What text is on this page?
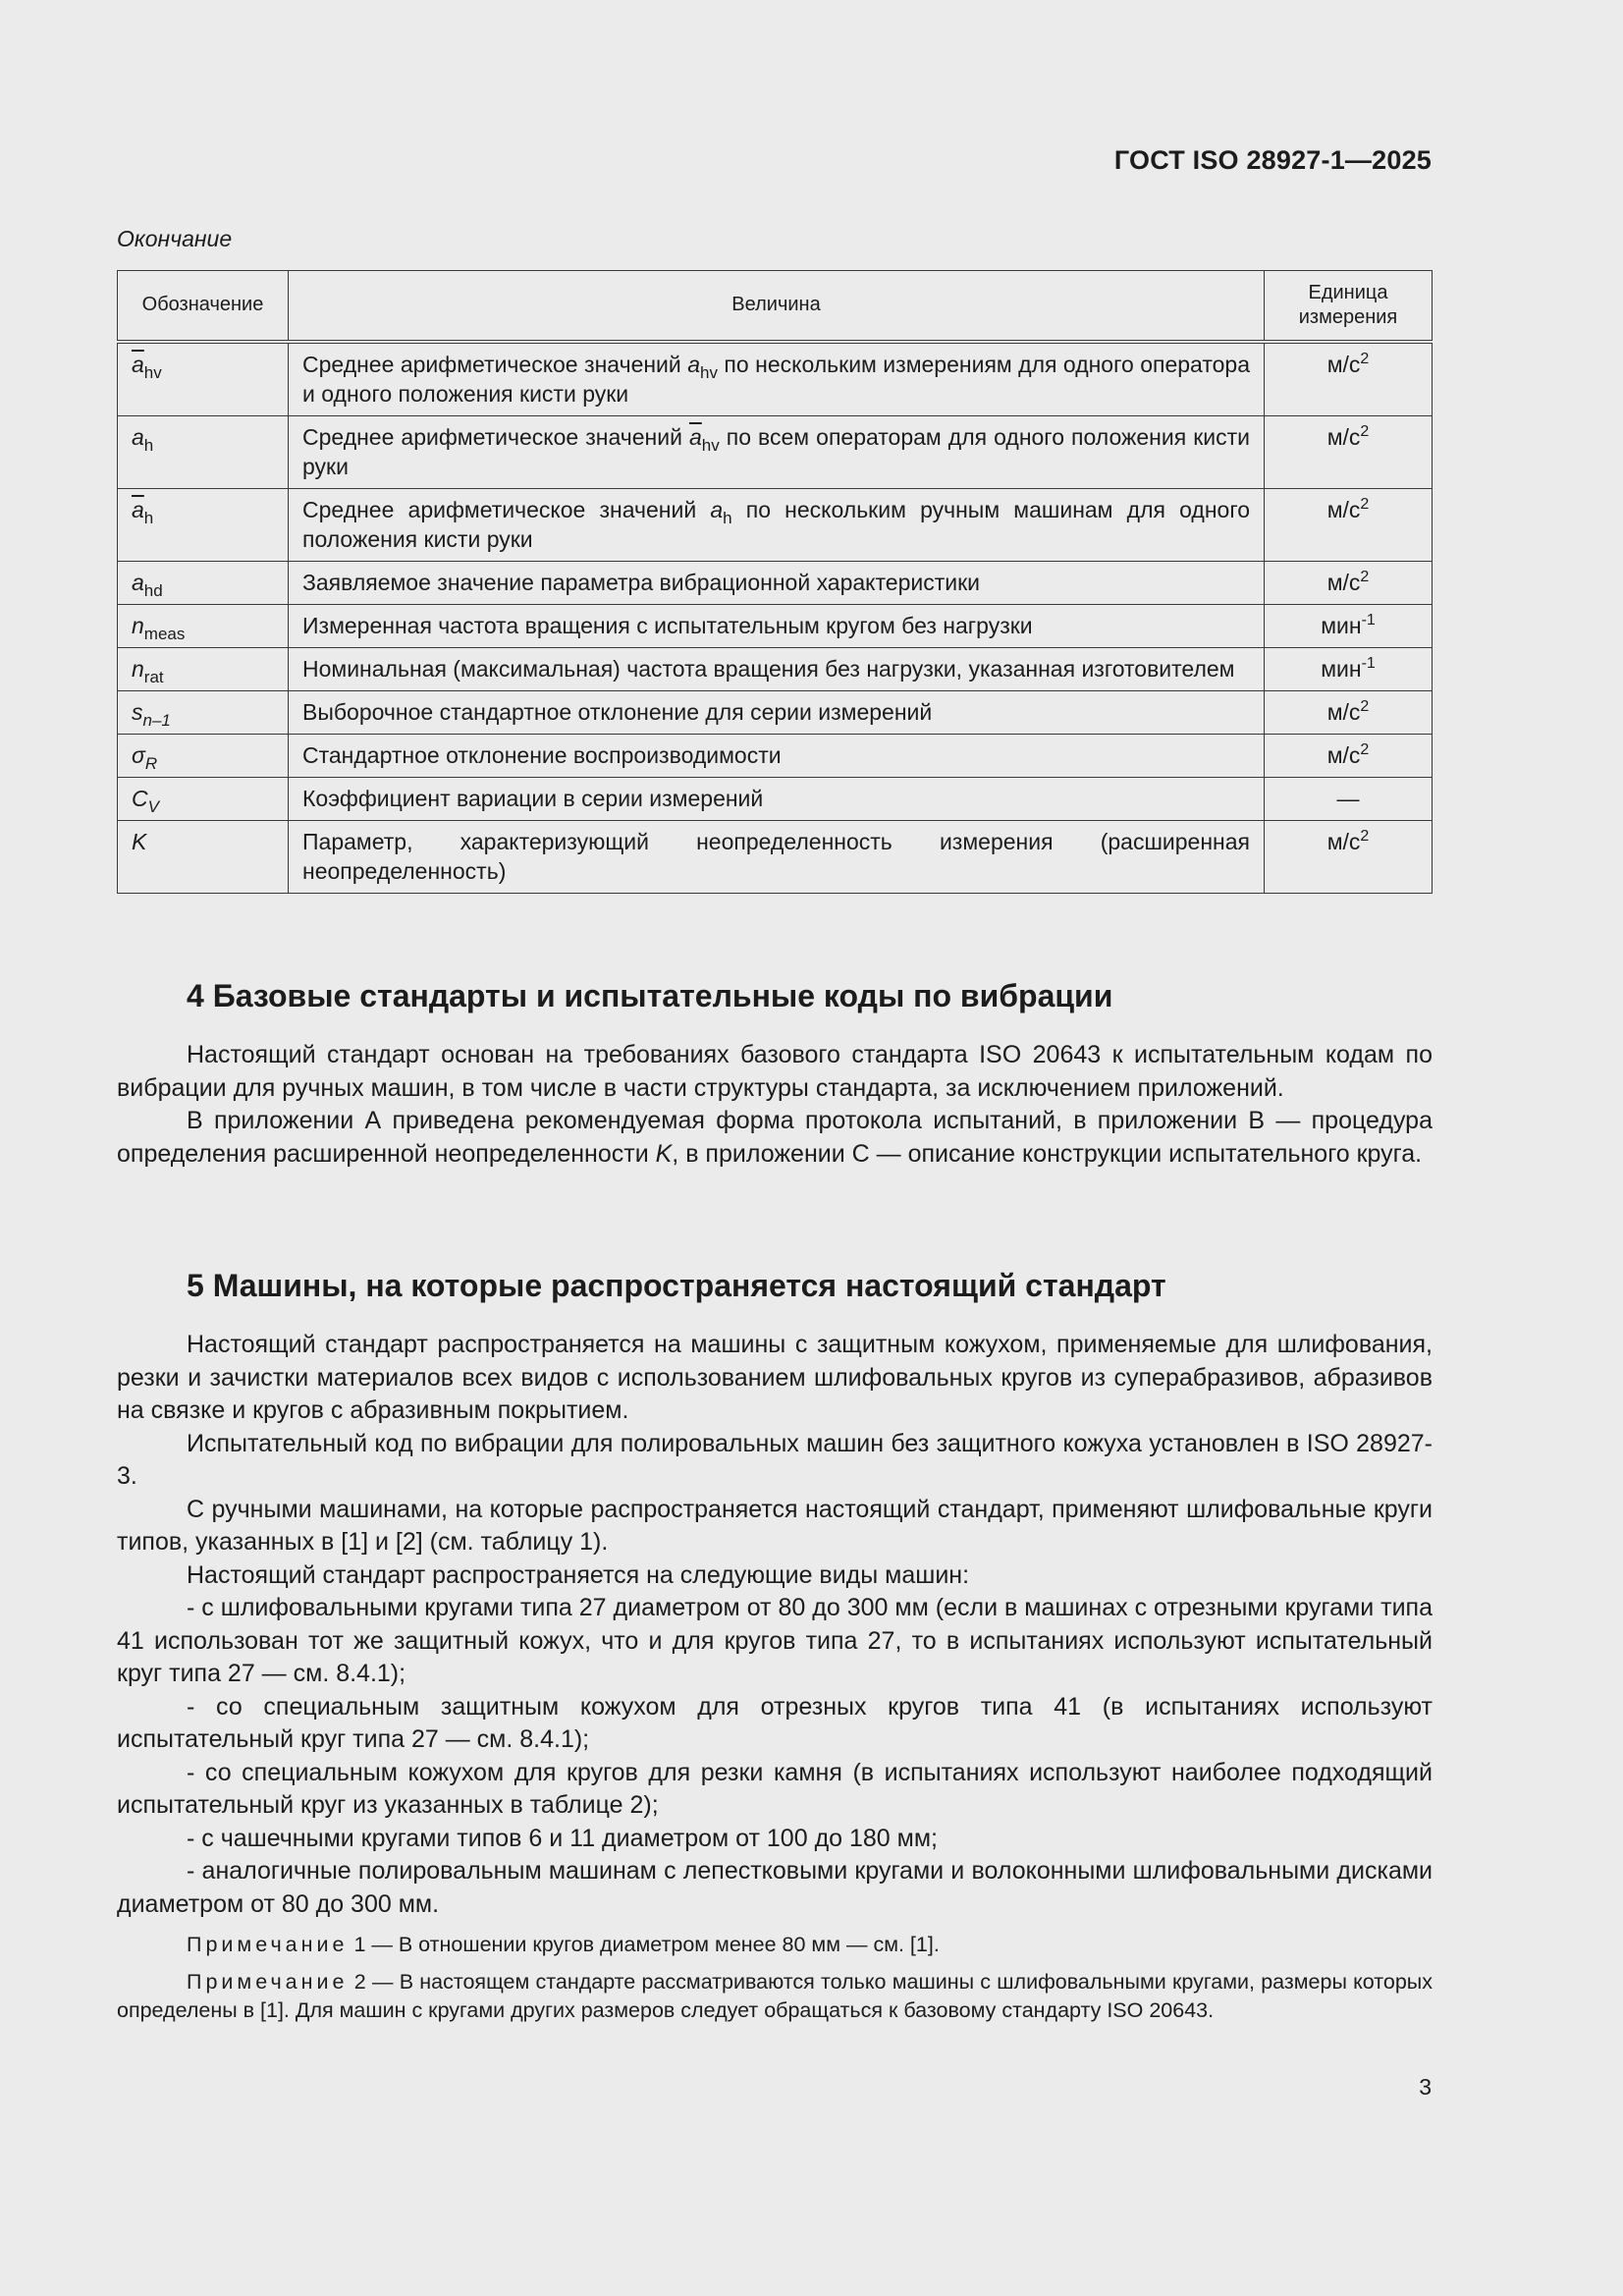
ГОСТ ISO 28927-1—2025
Окончание
Обозначение	Величина	Единица измерения
$\overline{a}_{hv}$	Среднее арифметическое значений $a_{hv}$ по нескольким измерениям для одного оператора и одного положения кисти руки	$м/с^2$
$a_h$	Среднее арифметическое значений $\overline{a}_{hv}$ по всем операторам для одного положения кисти руки	$м/с^2$
$\overline{a}_h$	Среднее арифметическое значений $a_h$ по нескольким ручным машинам для одного положения кисти руки	$м/с^2$
$a_{hd}$	Заявляемое значение параметра вибрационной характеристики	$м/с^2$
$n_{meas}$	Измеренная частота вращения с испытательным кругом без нагрузки	мин$^{-1}$
$n_{rat}$	Номинальная (максимальная) частота вращения без нагрузки, указанная изготовителем	мин$^{-1}$
$s_{n-1}$	Выборочное стандартное отклонение для серии измерений	$м/с^2$
$\sigma_R$	Стандартное отклонение воспроизводимости	$м/с^2$
$C_V$	Коэффициент вариации в серии измерений	—
K	Параметр, характеризующий неопределенность измерения (расширенная неопределенность)	$м/с^2$
4 Базовые стандарты и испытательные коды по вибрации

Настоящий стандарт основан на требованиях базового стандарта ISO 20643 к испытательным кодам по вибрации для ручных машин, в том числе в части структуры стандарта, за исключением приложений.

В приложении А приведена рекомендуемая форма протокола испытаний, в приложении В — процедура определения расширенной неопределенности K, в приложении С — описание конструкции испытательного круга.

5 Машины, на которые распространяется настоящий стандарт

Настоящий стандарт распространяется на машины с защитным кожухом, применяемые для шлифования, резки и зачистки материалов всех видов с использованием шлифовальных кругов из суперабразивов, абразивов на связке и кругов с абразивным покрытием.

Испытательный код по вибрации для полировальных машин без защитного кожуха установлен в ISO 28927-3.

С ручными машинами, на которые распространяется настоящий стандарт, применяют шлифовальные круги типов, указанных в [1] и [2] (см. таблицу 1).

Настоящий стандарт распространяется на следующие виды машин:

- с шлифовальными кругами типа 27 диаметром от 80 до 300 мм (если в машинах с отрезными кругами типа 41 использован тот же защитный кожух, что и для кругов типа 27, то в испытаниях используют испытательный круг типа 27 — см. 8.4.1);

- со специальным защитным кожухом для отрезных кругов типа 41 (в испытаниях используют испытательный круг типа 27 — см. 8.4.1);

- со специальным кожухом для кругов для резки камня (в испытаниях используют наиболее подходящий испытательный круг из указанных в таблице 2);

- с чашечными кругами типов 6 и 11 диаметром от 100 до 180 мм;

- аналогичные полировальным машинам с лепестковыми кругами и волоконными шлифовальными дисками диаметром от 80 до 300 мм.

Примечание 1 — В отношении кругов диаметром менее 80 мм — см. [1].

Примечание 2 — В настоящем стандарте рассматриваются только машины с шлифовальными кругами, размеры которых определены в [1]. Для машин с кругами других размеров следует обращаться к базовому стандарту ISO 20643.

3
